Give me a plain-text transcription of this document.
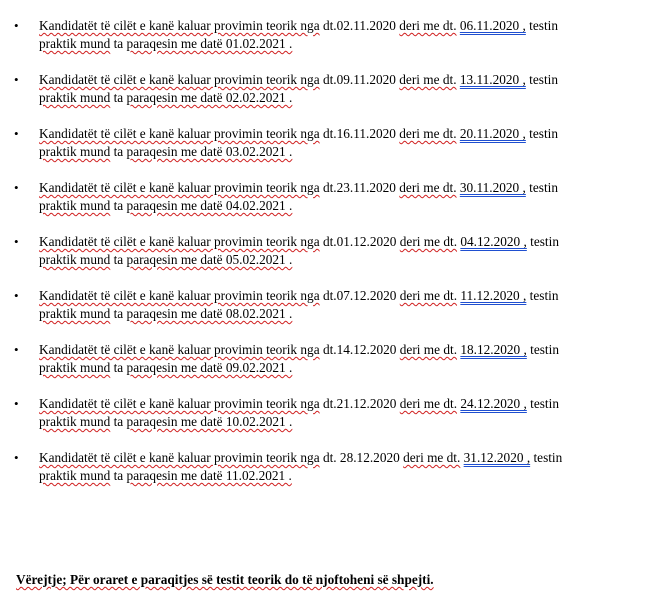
• Kandidatët të cilët e kanë kaluar provimin teorik nga dt.02.11.2020 deri me dt. 06.11.2020 , testin
praktik mund ta paraqesin me datë 01.02.2021 .
• Kandidatët të cilët e kanë kaluar provimin teorik nga dt.09.11.2020 deri me dt. 13.11.2020 , testin
praktik mund ta paraqesin me datë 02.02.2021 .
• Kandidatët të cilët e kanë kaluar provimin teorik nga dt.16.11.2020 deri me dt. 20.11.2020 , testin
praktik mund ta paraqesin me datë 03.02.2021 .
• Kandidatët të cilët e kanë kaluar provimin teorik nga dt.23.11.2020 deri me dt. 30.11.2020 , testin
praktik mund ta paraqesin me datë 04.02.2021 .
• Kandidatët të cilët e kanë kaluar provimin teorik nga dt.01.12.2020 deri me dt. 04.12.2020 , testin
praktik mund ta paraqesin me datë 05.02.2021 .
• Kandidatët të cilët e kanë kaluar provimin teorik nga dt.07.12.2020 deri me dt. 11.12.2020 , testin
praktik mund ta paraqesin me datë 08.02.2021 .
• Kandidatët të cilët e kanë kaluar provimin teorik nga dt.14.12.2020 deri me dt. 18.12.2020 , testin
praktik mund ta paraqesin me datë 09.02.2021 .
• Kandidatët të cilët e kanë kaluar provimin teorik nga dt.21.12.2020 deri me dt. 24.12.2020 , testin
praktik mund ta paraqesin me datë 10.02.2021 .
• Kandidatët të cilët e kanë kaluar provimin teorik nga dt. 28.12.2020 deri me dt. 31.12.2020 , testin
praktik mund ta paraqesin me datë 11.02.2021 .
Vërejtje; Për oraret e paraqitjes së testit teorik do të njoftoheni së shpejti.
